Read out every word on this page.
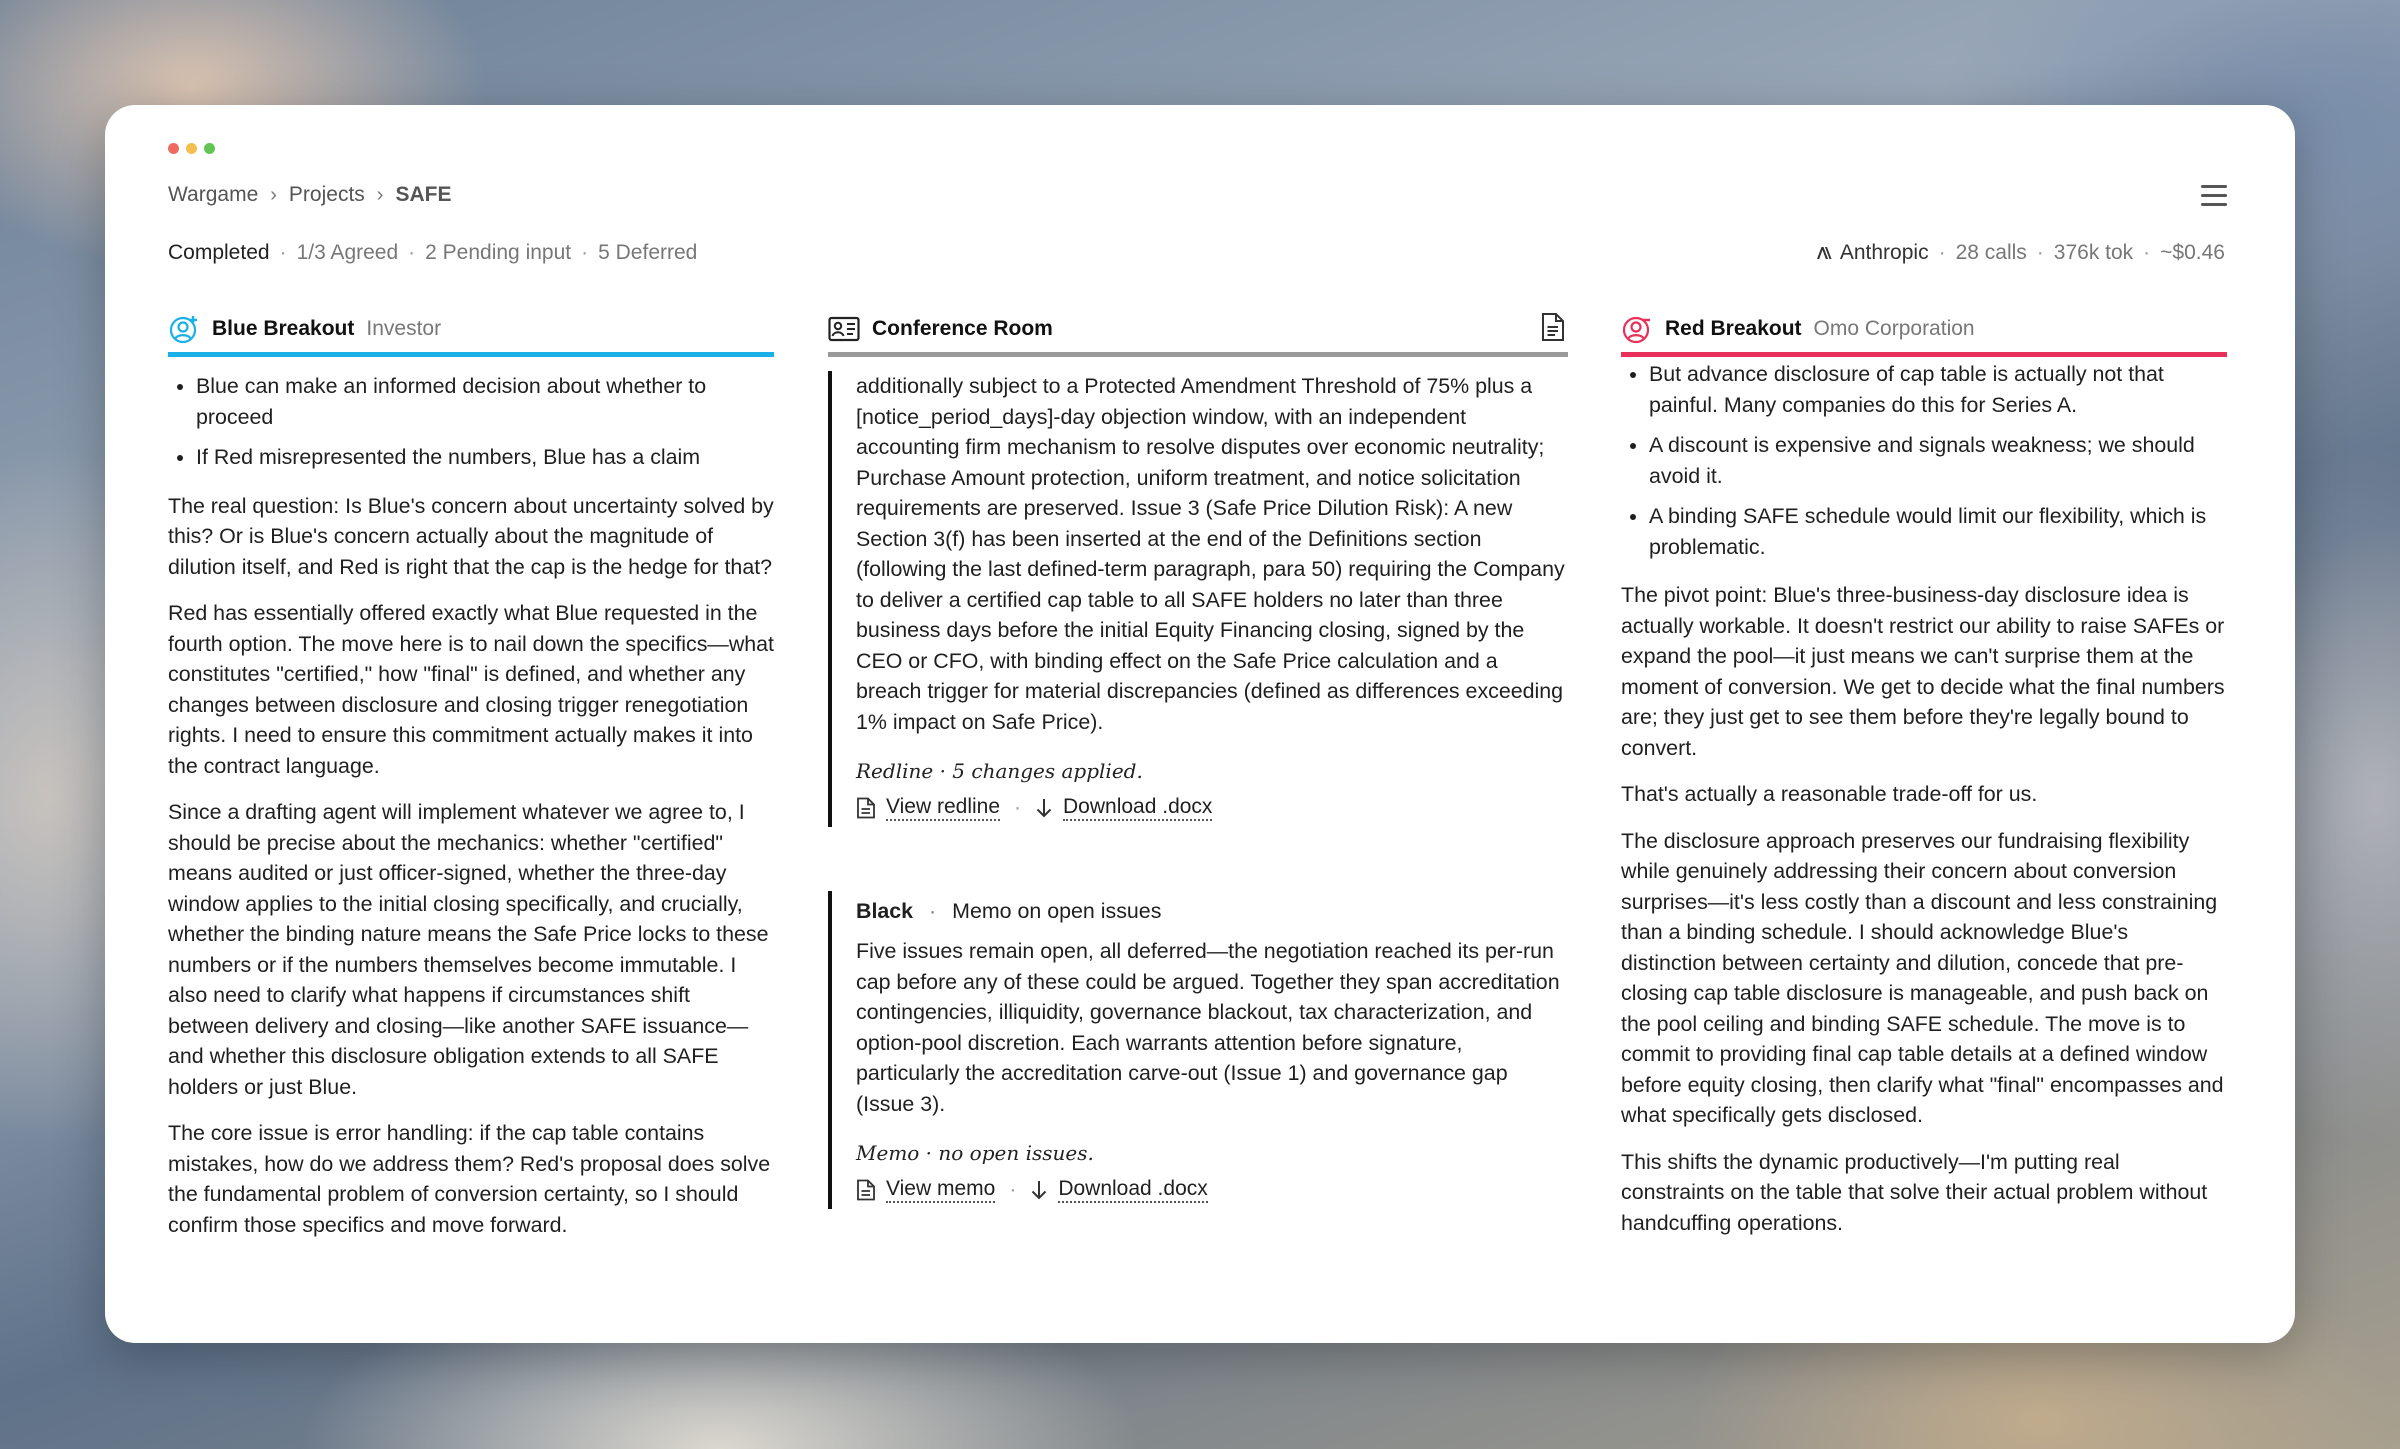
Wargame › Projects › SAFE
Completed · 1/3 Agreed · 2 Pending input · 5 Deferred	Anthropic · 28 calls · 376k tok · ~$0.46
Blue Breakout Investor
• Blue can make an informed decision about whether to proceed
• If Red misrepresented the numbers, Blue has a claim

The real question: Is Blue's concern about uncertainty solved by this? Or is Blue's concern actually about the magnitude of dilution itself, and Red is right that the cap is the hedge for that?

Red has essentially offered exactly what Blue requested in the fourth option. The move here is to nail down the specifics—what constitutes "certified," how "final" is defined, and whether any changes between disclosure and closing trigger renegotiation rights. I need to ensure this commitment actually makes it into the contract language.

Since a drafting agent will implement whatever we agree to, I should be precise about the mechanics: whether "certified" means audited or just officer-signed, whether the three-day window applies to the initial closing specifically, and crucially, whether the binding nature means the Safe Price locks to these numbers or if the numbers themselves become immutable. I also need to clarify what happens if circumstances shift between delivery and closing—like another SAFE issuance—and whether this disclosure obligation extends to all SAFE holders or just Blue.

The core issue is error handling: if the cap table contains mistakes, how do we address them? Red's proposal does solve the fundamental problem of conversion certainty, so I should confirm those specifics and move forward.

Conference Room

additionally subject to a Protected Amendment Threshold of 75% plus a [notice_period_days]-day objection window, with an independent accounting firm mechanism to resolve disputes over economic neutrality; Purchase Amount protection, uniform treatment, and notice solicitation requirements are preserved. Issue 3 (Safe Price Dilution Risk): A new Section 3(f) has been inserted at the end of the Definitions section (following the last defined-term paragraph, para 50) requiring the Company to deliver a certified cap table to all SAFE holders no later than three business days before the initial Equity Financing closing, signed by the CEO or CFO, with binding effect on the Safe Price calculation and a breach trigger for material discrepancies (defined as differences exceeding 1% impact on Safe Price).

Redline · 5 changes applied.
View redline · Download .docx
Black · Memo on open issues

Five issues remain open, all deferred—the negotiation reached its per-run cap before any of these could be argued. Together they span accreditation contingencies, illiquidity, governance blackout, tax characterization, and option-pool discretion. Each warrants attention before signature, particularly the accreditation carve-out (Issue 1) and governance gap (Issue 3).

Memo · no open issues.
View memo · Download .docx
Red Breakout Omo Corporation
• But advance disclosure of cap table is actually not that painful. Many companies do this for Series A.
• A discount is expensive and signals weakness; we should avoid it.
• A binding SAFE schedule would limit our flexibility, which is problematic.

The pivot point: Blue's three-business-day disclosure idea is actually workable. It doesn't restrict our ability to raise SAFEs or expand the pool—it just means we can't surprise them at the moment of conversion. We get to decide what the final numbers are; they just get to see them before they're legally bound to convert.

That's actually a reasonable trade-off for us.

The disclosure approach preserves our fundraising flexibility while genuinely addressing their concern about conversion surprises—it's less costly than a discount and less constraining than a binding schedule. I should acknowledge Blue's distinction between certainty and dilution, concede that pre-closing cap table disclosure is manageable, and push back on the pool ceiling and binding SAFE schedule. The move is to commit to providing final cap table details at a defined window before equity closing, then clarify what "final" encompasses and what specifically gets disclosed.

This shifts the dynamic productively—I'm putting real constraints on the table that solve their actual problem without handcuffing operations.
